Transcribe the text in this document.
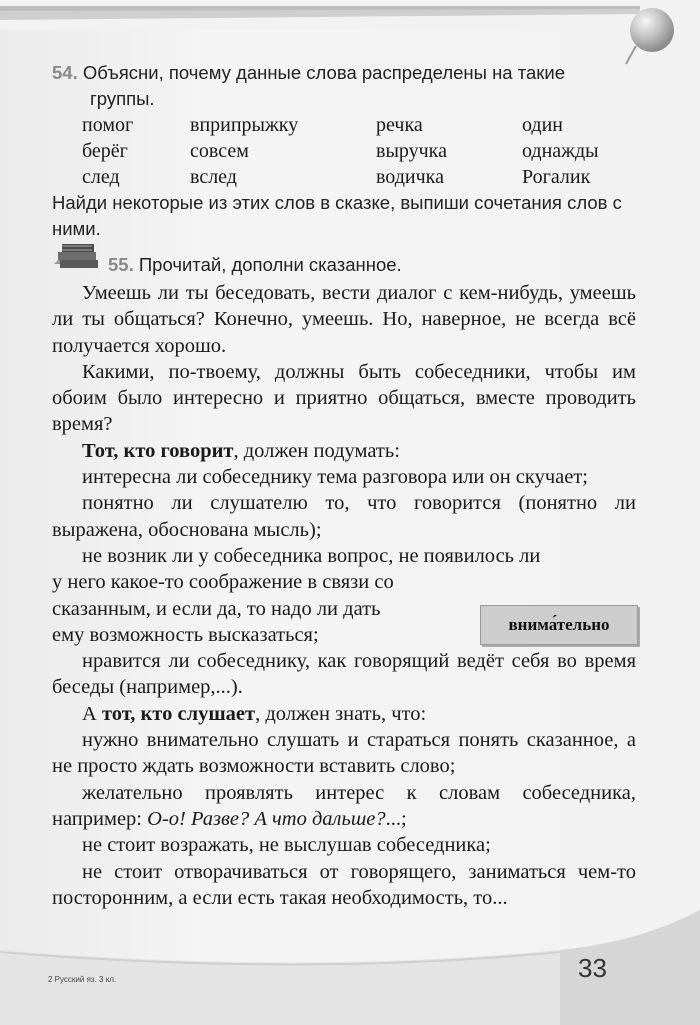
54. Объясни, почему данные слова распределены на такие
группы.
помог	вприпрыжку	речка	один
берёг	совсем	выручка	однажды
след	вслед	водичка	Рогалик
Найди некоторые из этих слов в сказке, выпиши сочетания слов с ними.
55. Прочитай, дополни сказанное.

Умеешь ли ты беседовать, вести диалог с кем-нибудь, умеешь ли ты общаться? Конечно, умеешь. Но, наверное, не всегда всё получается хорошо.

Какими, по-твоему, должны быть собеседники, чтобы им обоим было интересно и приятно общаться, вместе проводить время?

Тот, кто говорит, должен подумать:

интересна ли собеседнику тема разговора или он скучает;

понятно ли слушателю то, что говорится (понятно ли выражена, обоснована мысль);

не возник ли у собеседника вопрос, не появилось ли

у него какое-то соображение в связи со

сказанным, и если да, то надо ли дать

ему возможность высказаться;

нравится ли собеседнику, как говорящий ведёт себя во время беседы (например,...).

А тот, кто слушает, должен знать, что:

нужно внимательно слушать и стараться понять сказанное, а не просто ждать возможности вставить слово;

желательно проявлять интерес к словам собеседника, например: О-о! Разве? А что дальше?...;

не стоит возражать, не выслушав собеседника;

не стоит отворачиваться от говорящего, заниматься чем-то посторонним, а если есть такая необходимость, то...

внима́тельно
2 Русский яз. 3 кл.	33
